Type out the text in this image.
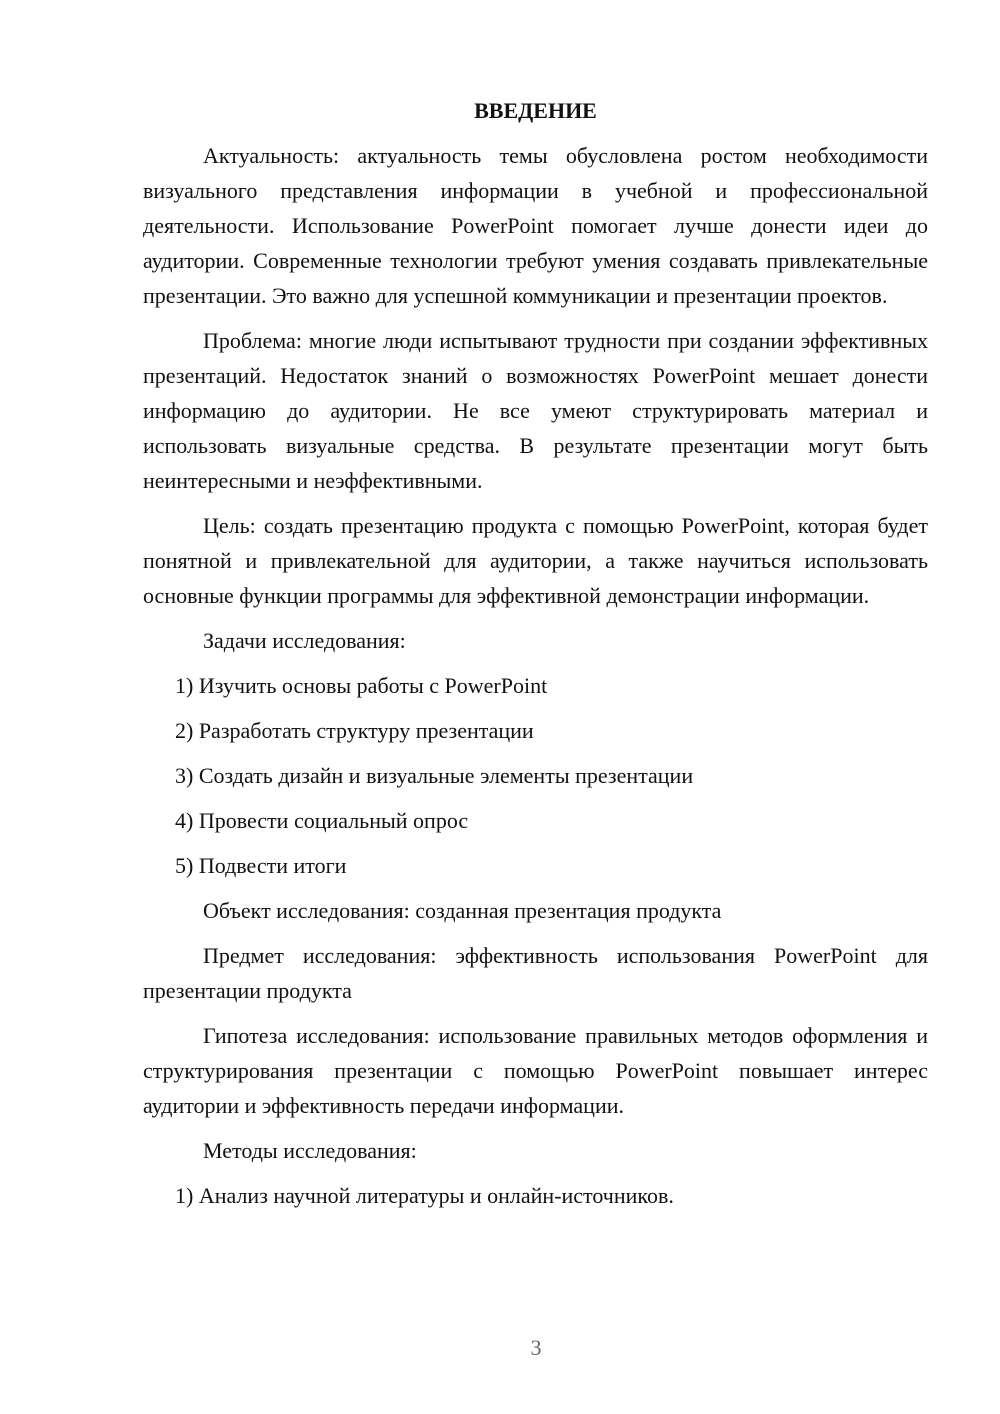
ВВЕДЕНИЕ

Актуальность: актуальность темы обусловлена ростом необходимости визуального представления информации в учебной и профессиональной деятельности. Использование PowerPoint помогает лучше донести идеи до аудитории. Современные технологии требуют умения создавать привлекательные презентации. Это важно для успешной коммуникации и презентации проектов.

Проблема: многие люди испытывают трудности при создании эффективных презентаций. Недостаток знаний о возможностях PowerPoint мешает донести информацию до аудитории. Не все умеют структурировать материал и использовать визуальные средства. В результате презентации могут быть неинтересными и неэффективными.

Цель: создать презентацию продукта с помощью PowerPoint, которая будет понятной и привлекательной для аудитории, а также научиться использовать основные функции программы для эффективной демонстрации информации.

Задачи исследования:

1) Изучить основы работы с PowerPoint
2) Разработать структуру презентации
3) Создать дизайн и визуальные элементы презентации
4) Провести социальный опрос
5) Подвести итоги

Объект исследования: созданная презентация продукта

Предмет исследования: эффективность использования PowerPoint для презентации продукта

Гипотеза исследования: использование правильных методов оформления и структурирования презентации с помощью PowerPoint повышает интерес аудитории и эффективность передачи информации.

Методы исследования:

1) Анализ научной литературы и онлайн-источников.
3
